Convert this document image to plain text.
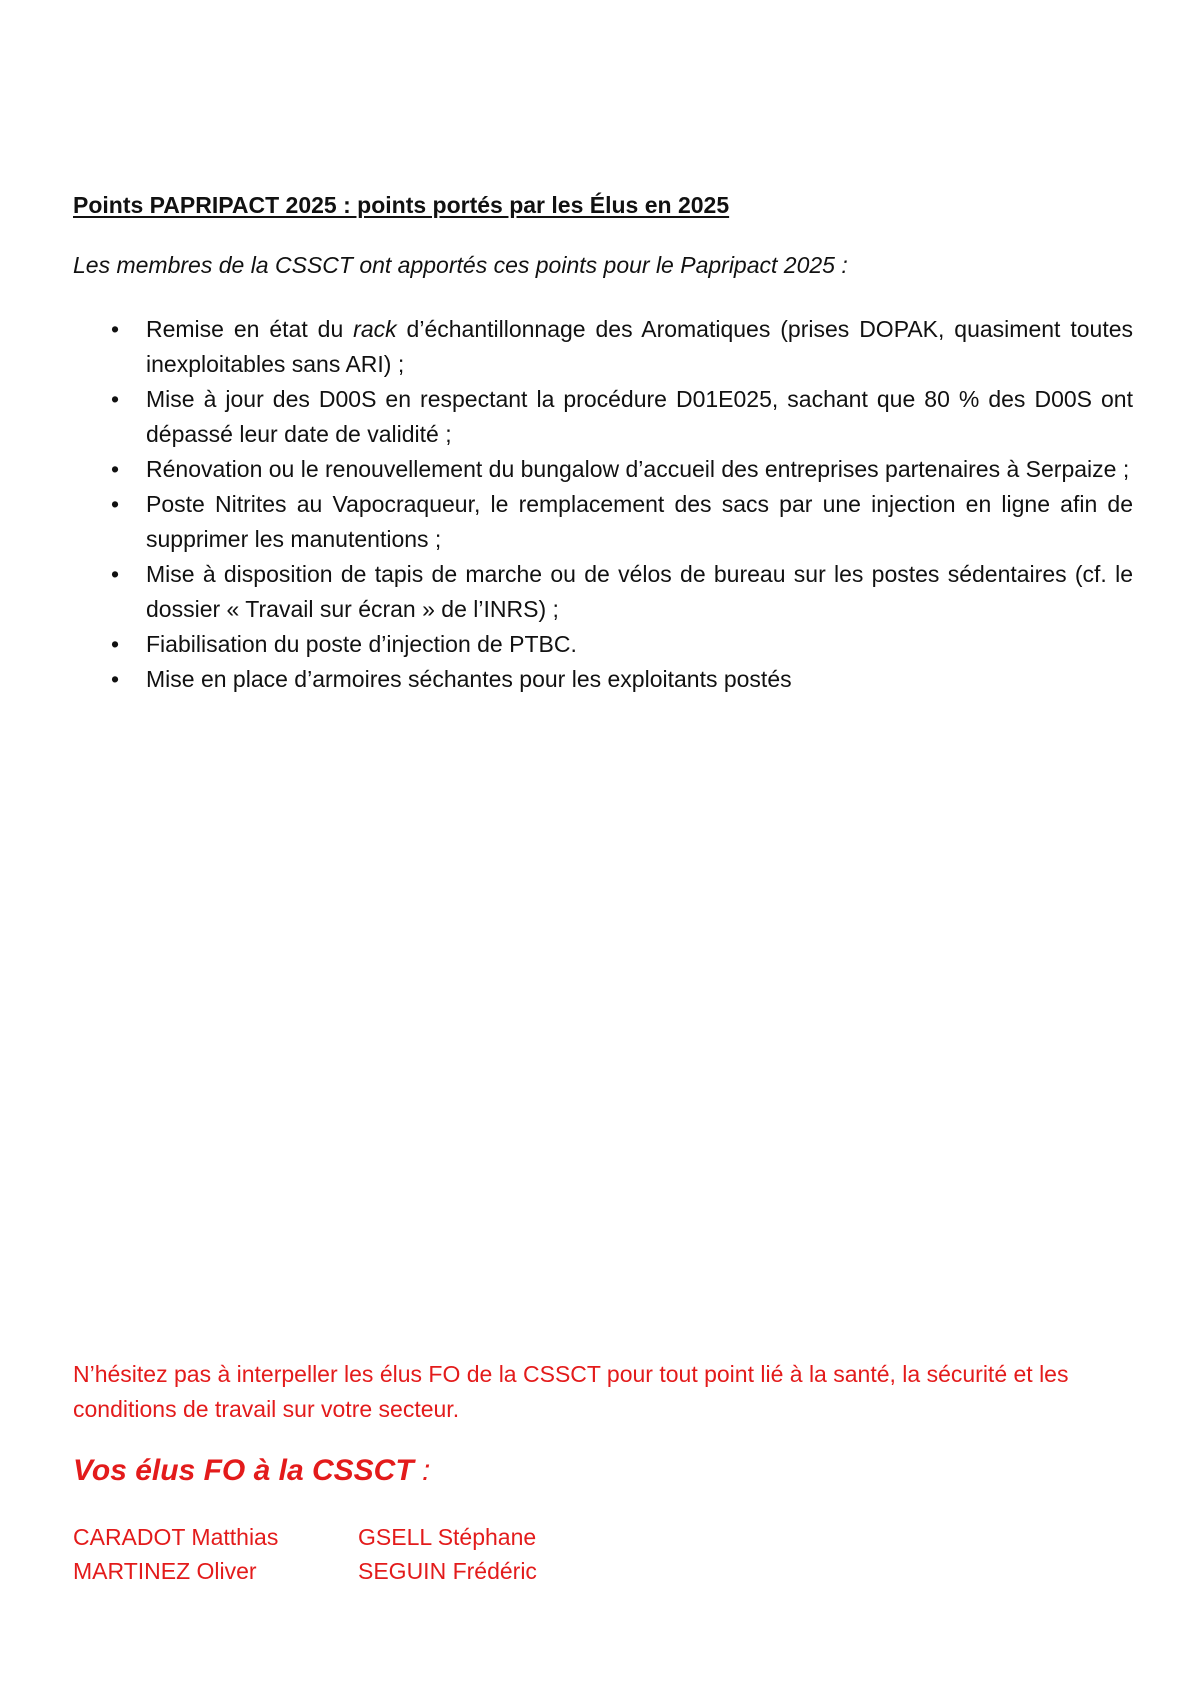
Points PAPRIPACT 2025 : points portés par les Élus en 2025
Les membres de la CSSCT ont apportés ces points pour le Papripact 2025 :
• Remise en état du rack d’échantillonnage des Aromatiques (prises DOPAK, quasiment toutes inexploitables sans ARI) ;
• Mise à jour des D00S en respectant la procédure D01E025, sachant que 80 % des D00S ont dépassé leur date de validité ;
• Rénovation ou le renouvellement du bungalow d’accueil des entreprises partenaires à Serpaize ;
• Poste Nitrites au Vapocraqueur, le remplacement des sacs par une injection en ligne afin de supprimer les manutentions ;
• Mise à disposition de tapis de marche ou de vélos de bureau sur les postes sédentaires (cf. le dossier « Travail sur écran » de l’INRS) ;
• Fiabilisation du poste d’injection de PTBC.
• Mise en place d’armoires séchantes pour les exploitants postés
N’hésitez pas à interpeller les élus FO de la CSSCT pour tout point lié à la santé, la sécurité et les conditions de travail sur votre secteur.
Vos élus FO à la CSSCT :
CARADOT Matthias	GSELL Stéphane
MARTINEZ Oliver	SEGUIN Frédéric
